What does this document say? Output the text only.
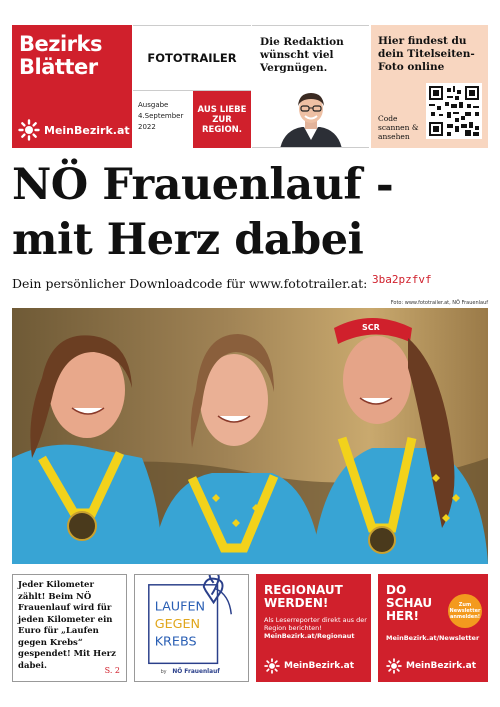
Bezirks
Blätter
MeinBezirk.at
FOTOTRAILER
Ausgabe
4.September
2022
AUS LIEBE ZUR REGION.
Die Redaktion wünscht viel Vergnügen.
Hier findest du dein Titelseiten-Foto online
Code scannen & ansehen
NÖ Frauenlauf -
mit Herz dabei
Dein persönlicher Downloadcode für www.fototrailer.at: 3ba2pzfvf
Foto: www.fototrailer.at, NÖ Frauenlauf
SCR
Jeder Kilometer zählt! Beim NÖ Frauenlauf wird für jeden Kilometer ein Euro für „Laufen gegen Krebs“ gespendet! Mit Herz dabei.	S. 2
LAUFEN
GEGEN
KREBS
by NÖ Frauenlauf
REGIONAUT
WERDEN!
Als Leserreporter direkt aus der Region berichten!
MeinBezirk.at/Regionaut
MeinBezirk.at
DO
SCHAU
HER!
Zum Newsletter anmelden!
MeinBezirk.at/Newsletter
MeinBezirk.at
